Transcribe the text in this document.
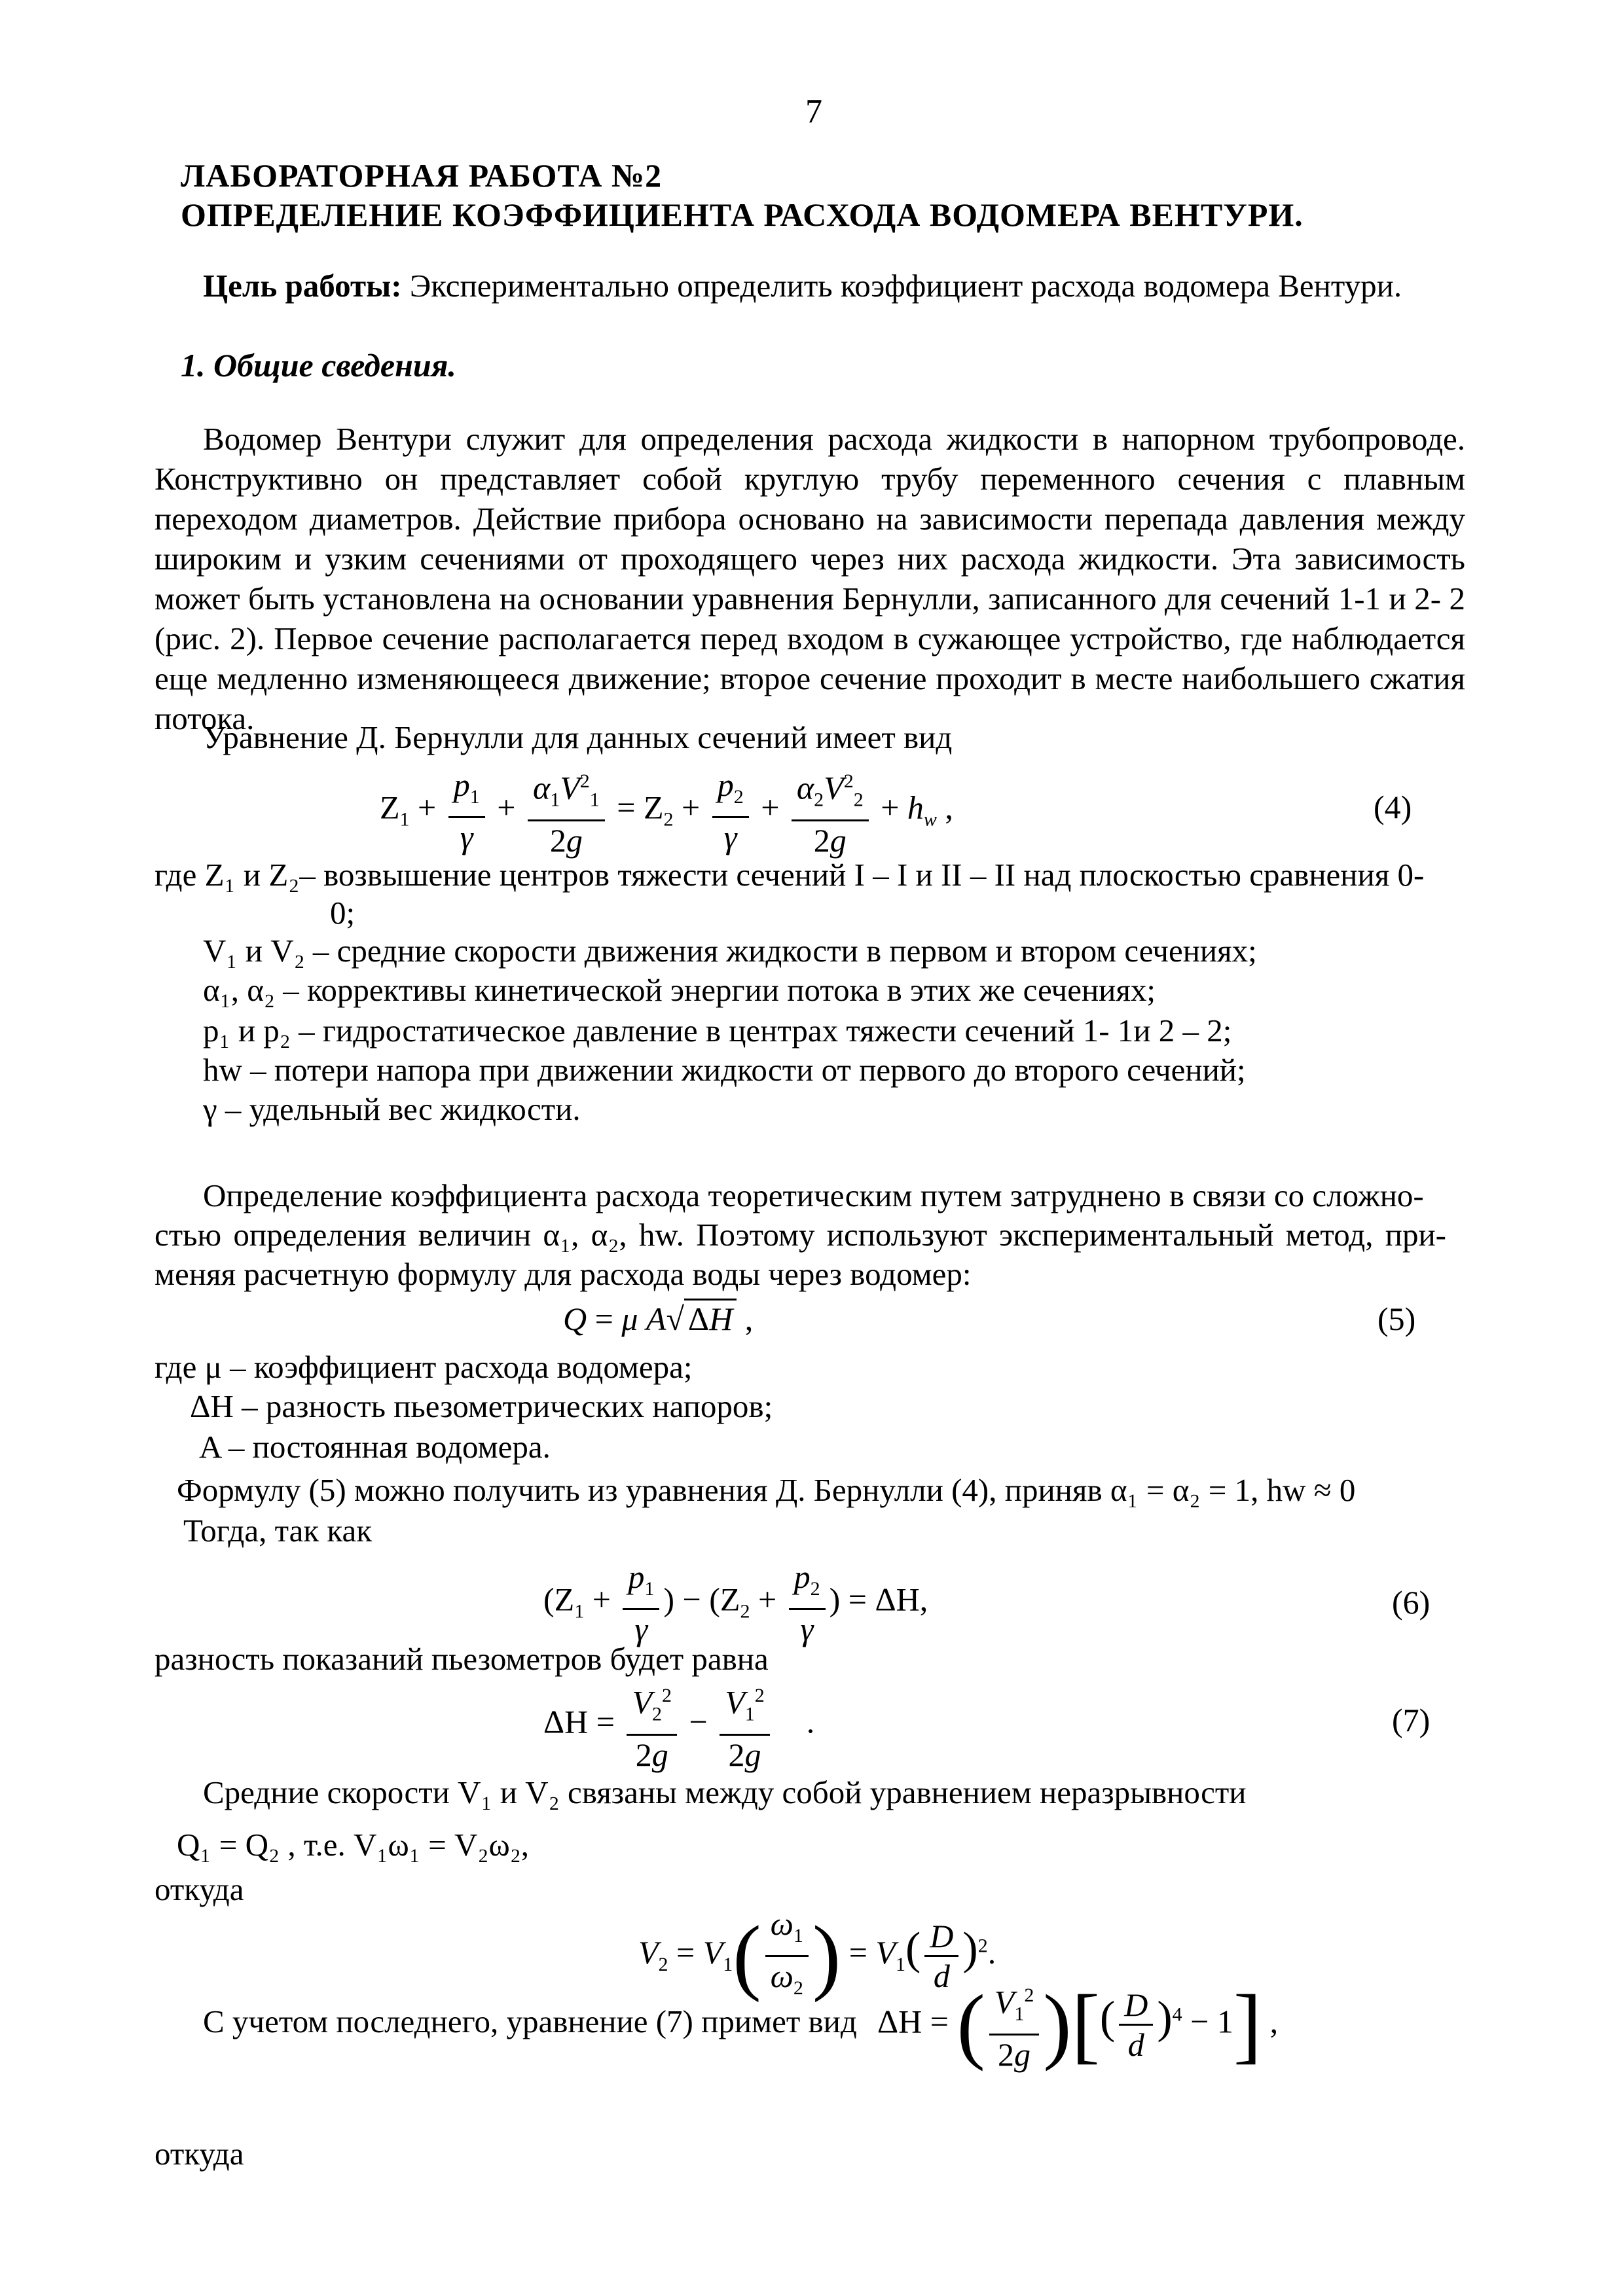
7
ЛАБОРАТОРНАЯ РАБОТА №2
ОПРЕДЕЛЕНИЕ КОЭФФИЦИЕНТА РАСХОДА ВОДОМЕРА ВЕНТУРИ.
Цель работы: Экспериментально определить коэффициент расхода водомера Вентури.
1. Общие сведения.
Водомер Вентури служит для определения расхода жидкости в напорном трубопроводе. Конструктивно он представляет собой круглую трубу переменного сечения с плавным переходом диаметров. Действие прибора основано на зависимости перепада давления между широким и узким сечениями от проходящего через них расхода жидкости. Эта зависимость может быть установлена на основании уравнения Бернулли, записанного для сечений 1-1 и 2- 2 (рис. 2). Первое сечение располагается перед входом в сужающее устройство, где наблюдается еще медленно изменяющееся движение; второе сечение проходит в месте наибольшего сжатия потока.
Уравнение Д. Бернулли для данных сечений имеет вид
$Z_1 + \frac{p_1}{\gamma} + \frac{\alpha_1V^2_1}{2g} = Z_2 + \frac{p_2}{\gamma} + \frac{\alpha_2V^2_2}{2g} + h_w$ ,	(4)
где Z₁ и Z₂– возвышение центров тяжести сечений I – I и II – II над плоскостью сравнения 0-
0;
V₁ и V₂ – средние скорости движения жидкости в первом и втором сечениях;
α₁, α₂ – коррективы кинетической энергии потока в этих же сечениях;
p₁ и p₂ – гидростатическое давление в центрах тяжести сечений 1- 1и 2 – 2;
hw – потери напора при движении жидкости от первого до второго сечений;
γ – удельный вес жидкости.
Определение коэффициента расхода теоретическим путем затруднено в связи со сложно-
стью определения величин α₁, α₂, hw. Поэтому используют экспериментальный метод, при-
меняя расчетную формулу для расхода воды через водомер:
Q = μ A√ ΔH ,	(5)
где μ – коэффициент расхода водомера;
ΔH – разность пьезометрических напоров;
A – постоянная водомера.
Формулу (5) можно получить из уравнения Д. Бернулли (4), приняв α₁ = α₂ = 1, hw ≈ 0
Тогда, так как
($Z_1 + \frac{p_1}{\gamma}$ ) − ($Z_2 + \frac{p_2}{\gamma}$ ) = ΔH,	(6)
разность показаний пьезометров будет равна
$\Delta H = \frac{V_2^2}{2g} - \frac{V_1^2}{2g}$ .	(7)
Средние скорости V₁ и V₂ связаны между собой уравнением неразрывности
Q₁ = Q₂ , т.е. V₁ω₁ = V₂ω₂,
откуда
$V_2 = V_1( \frac{\omega_1}{\omega_2}$ ) = $V_1( \frac{D}{d} )^2$.
С учетом последнего, уравнение (7) примет вид ΔH = ( $\frac{V_1^2}{2g}$ )[( $\frac{D}{d} )^4 - 1$] ,
откуда
